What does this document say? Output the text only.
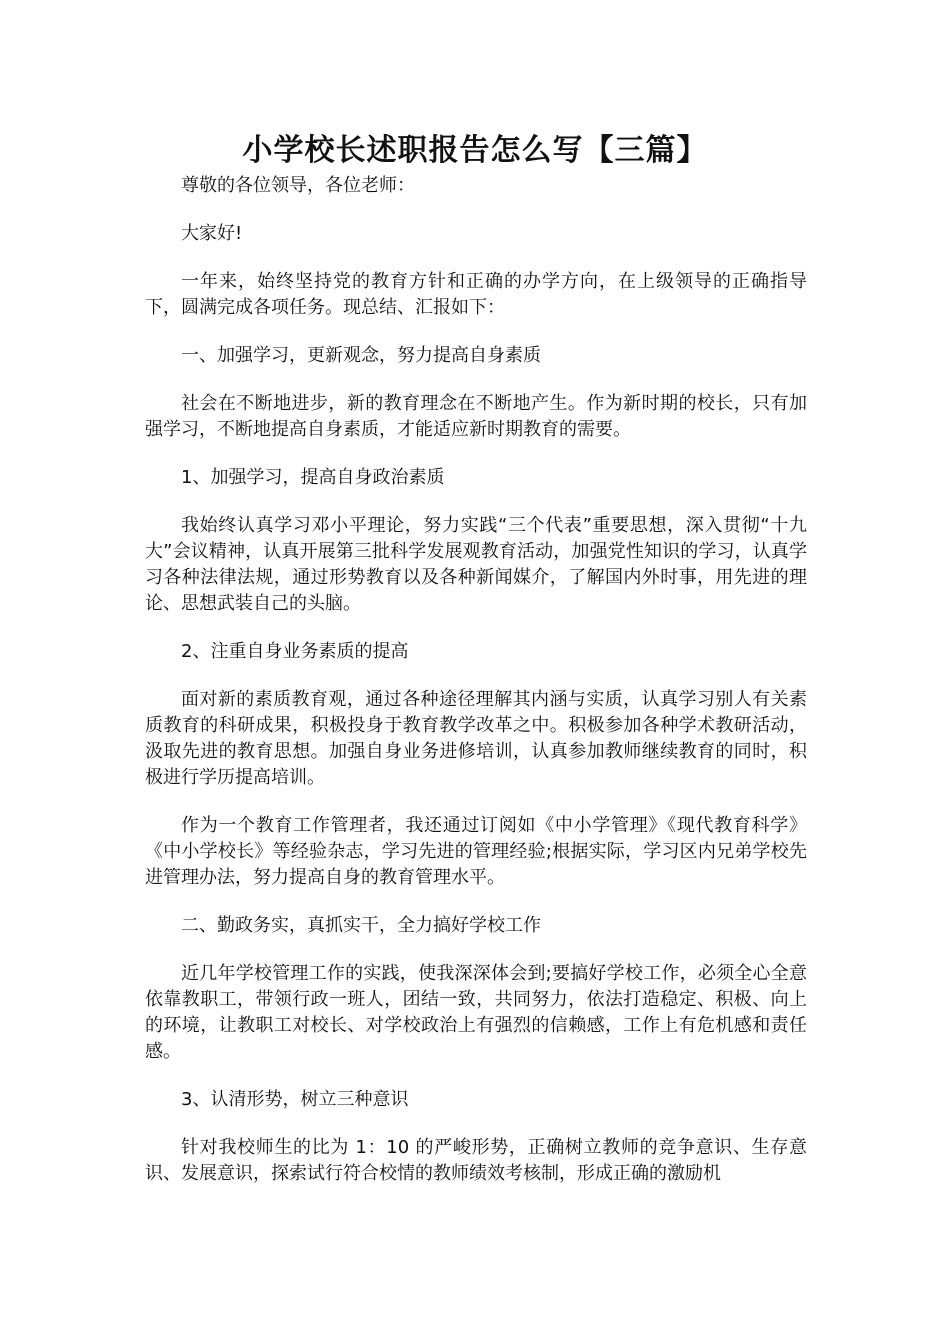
小学校长述职报告怎么写【三篇】

尊敬的各位领导，各位老师：

大家好!

一年来，始终坚持党的教育方针和正确的办学方向，在上级领导的正确指导下，圆满完成各项任务。现总结、汇报如下：

一、加强学习，更新观念，努力提高自身素质

社会在不断地进步，新的教育理念在不断地产生。作为新时期的校长，只有加强学习，不断地提高自身素质，才能适应新时期教育的需要。

1、加强学习，提高自身政治素质

我始终认真学习邓小平理论，努力实践“三个代表”重要思想，深入贯彻“十九大”会议精神，认真开展第三批科学发展观教育活动，加强党性知识的学习，认真学习各种法律法规，通过形势教育以及各种新闻媒介，了解国内外时事，用先进的理论、思想武装自己的头脑。

2、注重自身业务素质的提高

面对新的素质教育观，通过各种途径理解其内涵与实质，认真学习别人有关素质教育的科研成果，积极投身于教育教学改革之中。积极参加各种学术教研活动，汲取先进的教育思想。加强自身业务进修培训，认真参加教师继续教育的同时，积极进行学历提高培训。

作为一个教育工作管理者，我还通过订阅如《中小学管理》《现代教育科学》《中小学校长》等经验杂志，学习先进的管理经验;根据实际，学习区内兄弟学校先进管理办法，努力提高自身的教育管理水平。

二、勤政务实，真抓实干，全力搞好学校工作

近几年学校管理工作的实践，使我深深体会到;要搞好学校工作，必须全心全意依靠教职工，带领行政一班人，团结一致，共同努力，依法打造稳定、积极、向上的环境，让教职工对校长、对学校政治上有强烈的信赖感，工作上有危机感和责任感。

3、认清形势，树立三种意识

针对我校师生的比为 1：10 的严峻形势，正确树立教师的竞争意识、生存意识、发展意识，探索试行符合校情的教师绩效考核制，形成正确的激励机
